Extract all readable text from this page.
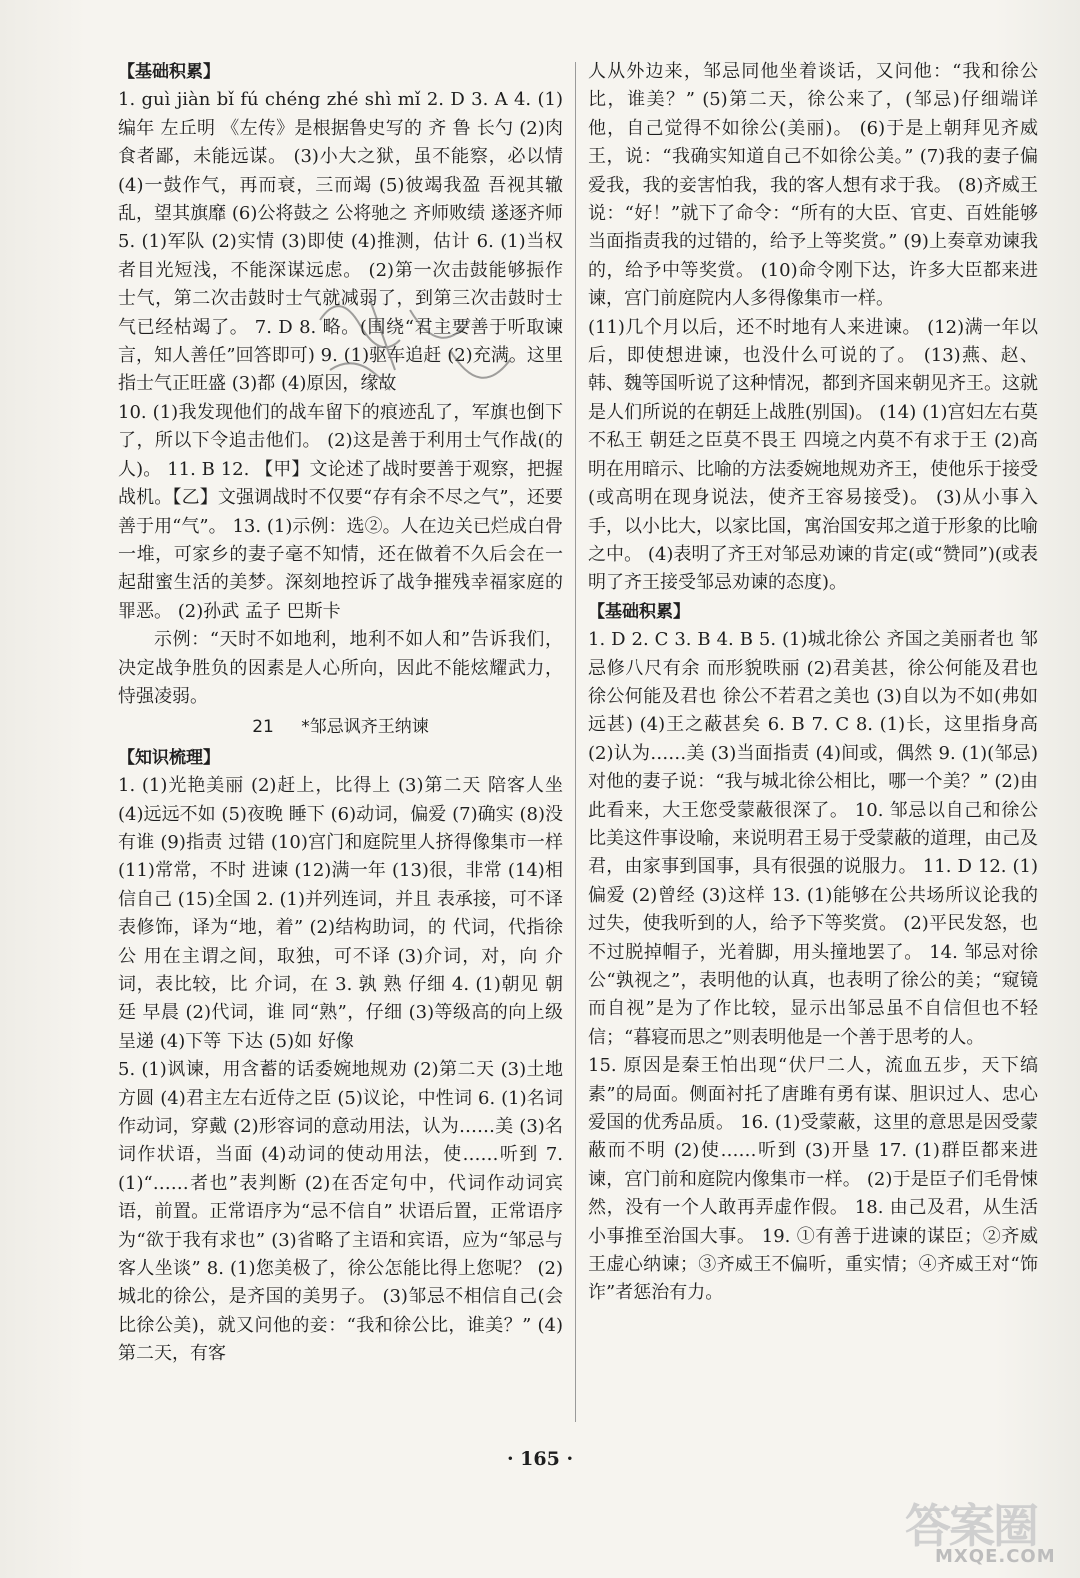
【基础积累】

1. guì jiàn bǐ fú chéng zhé shì mǐ 2. D 3. A 4. (1)编年 左丘明 《左传》是根据鲁史写的 齐 鲁 长勺 (2)肉食者鄙，未能远谋。 (3)小大之狱，虽不能察，必以情 (4)一鼓作气，再而衰，三而竭 (5)彼竭我盈 吾视其辙乱，望其旗靡 (6)公将鼓之 公将驰之 齐师败绩 遂逐齐师 5. (1)军队 (2)实情 (3)即使 (4)推测，估计 6. (1)当权者目光短浅，不能深谋远虑。 (2)第一次击鼓能够振作士气，第二次击鼓时士气就减弱了，到第三次击鼓时士气已经枯竭了。 7. D 8. 略。(围绕“君主要善于听取谏言，知人善任”回答即可) 9. (1)驱车追赶 (2)充满。这里指士气正旺盛 (3)都 (4)原因，缘故

10. (1)我发现他们的战车留下的痕迹乱了，军旗也倒下了，所以下令追击他们。 (2)这是善于利用士气作战(的人)。 11. B 12. 【甲】文论述了战时要善于观察，把握战机。【乙】文强调战时不仅要“存有余不尽之气”，还要善于用“气”。 13. (1)示例：选②。人在边关已烂成白骨一堆，可家乡的妻子毫不知情，还在做着不久后会在一起甜蜜生活的美梦。深刻地控诉了战争摧残幸福家庭的罪恶。 (2)孙武 孟子 巴斯卡

示例：“天时不如地利，地利不如人和”告诉我们，决定战争胜负的因素是人心所向，因此不能炫耀武力，恃强凌弱。

21 *邹忌讽齐王纳谏

【知识梳理】

1. (1)光艳美丽 (2)赶上，比得上 (3)第二天 陪客人坐 (4)远远不如 (5)夜晚 睡下 (6)动词，偏爱 (7)确实 (8)没有谁 (9)指责 过错 (10)宫门和庭院里人挤得像集市一样 (11)常常，不时 进谏 (12)满一年 (13)很，非常 (14)相信自己 (15)全国 2. (1)并列连词，并且 表承接，可不译 表修饰，译为“地，着” (2)结构助词，的 代词，代指徐公 用在主谓之间，取独，可不译 (3)介词，对，向 介词，表比较，比 介词，在 3. 孰 熟 仔细 4. (1)朝见 朝廷 早晨 (2)代词，谁 同“熟”，仔细 (3)等级高的向上级呈递 (4)下等 下达 (5)如 好像

5. (1)讽谏，用含蓄的话委婉地规劝 (2)第二天 (3)土地方圆 (4)君主左右近侍之臣 (5)议论，中性词 6. (1)名词作动词，穿戴 (2)形容词的意动用法，认为……美 (3)名词作状语，当面 (4)动词的使动用法，使……听到 7. (1)“……者也”表判断 (2)在否定句中，代词作动词宾语，前置。正常语序为“忌不信自” 状语后置，正常语序为“欲于我有求也” (3)省略了主语和宾语，应为“邹忌与客人坐谈” 8. (1)您美极了，徐公怎能比得上您呢？ (2)城北的徐公，是齐国的美男子。 (3)邹忌不相信自己(会比徐公美)，就又问他的妾：“我和徐公比，谁美？” (4)第二天，有客

人从外边来，邹忌同他坐着谈话，又问他：“我和徐公比，谁美？” (5)第二天，徐公来了，(邹忌)仔细端详他，自己觉得不如徐公(美丽)。 (6)于是上朝拜见齐威王，说：“我确实知道自己不如徐公美。” (7)我的妻子偏爱我，我的妾害怕我，我的客人想有求于我。 (8)齐威王说：“好！”就下了命令：“所有的大臣、官吏、百姓能够当面指责我的过错的，给予上等奖赏。” (9)上奏章劝谏我的，给予中等奖赏。 (10)命令刚下达，许多大臣都来进谏，宫门前庭院内人多得像集市一样。

(11)几个月以后，还不时地有人来进谏。 (12)满一年以后，即使想进谏，也没什么可说的了。 (13)燕、赵、韩、魏等国听说了这种情况，都到齐国来朝见齐王。这就是人们所说的在朝廷上战胜(别国)。 (14) (1)宫妇左右莫不私王 朝廷之臣莫不畏王 四境之内莫不有求于王 (2)高明在用暗示、比喻的方法委婉地规劝齐王，使他乐于接受(或高明在现身说法，使齐王容易接受)。 (3)从小事入手，以小比大，以家比国，寓治国安邦之道于形象的比喻之中。 (4)表明了齐王对邹忌劝谏的肯定(或“赞同”)(或表明了齐王接受邹忌劝谏的态度)。

【基础积累】

1. D 2. C 3. B 4. B 5. (1)城北徐公 齐国之美丽者也 邹忌修八尺有余 而形貌昳丽 (2)君美甚，徐公何能及君也 徐公何能及君也 徐公不若君之美也 (3)自以为不如(弗如远甚) (4)王之蔽甚矣 6. B 7. C 8. (1)长，这里指身高 (2)认为……美 (3)当面指责 (4)间或，偶然 9. (1)(邹忌)对他的妻子说：“我与城北徐公相比，哪一个美？” (2)由此看来，大王您受蒙蔽很深了。 10. 邹忌以自己和徐公比美这件事设喻，来说明君王易于受蒙蔽的道理，由己及君，由家事到国事，具有很强的说服力。 11. D 12. (1)偏爱 (2)曾经 (3)这样 13. (1)能够在公共场所议论我的过失，使我听到的人，给予下等奖赏。 (2)平民发怒，也不过脱掉帽子，光着脚，用头撞地罢了。 14. 邹忌对徐公“孰视之”，表明他的认真，也表明了徐公的美；“窥镜而自视”是为了作比较，显示出邹忌虽不自信但也不轻信；“暮寝而思之”则表明他是一个善于思考的人。

15. 原因是秦王怕出现“伏尸二人，流血五步，天下缟素”的局面。侧面衬托了唐雎有勇有谋、胆识过人、忠心爱国的优秀品质。 16. (1)受蒙蔽，这里的意思是因受蒙蔽而不明 (2)使……听到 (3)开垦 17. (1)群臣都来进谏，宫门前和庭院内像集市一样。 (2)于是臣子们毛骨悚然，没有一个人敢再弄虚作假。 18. 由己及君，从生活小事推至治国大事。 19. ①有善于进谏的谋臣；②齐威王虚心纳谏；③齐威王不偏听，重实情；④齐威王对“饰诈”者惩治有力。

· 165 ·
答案圈
MXQE.COM
